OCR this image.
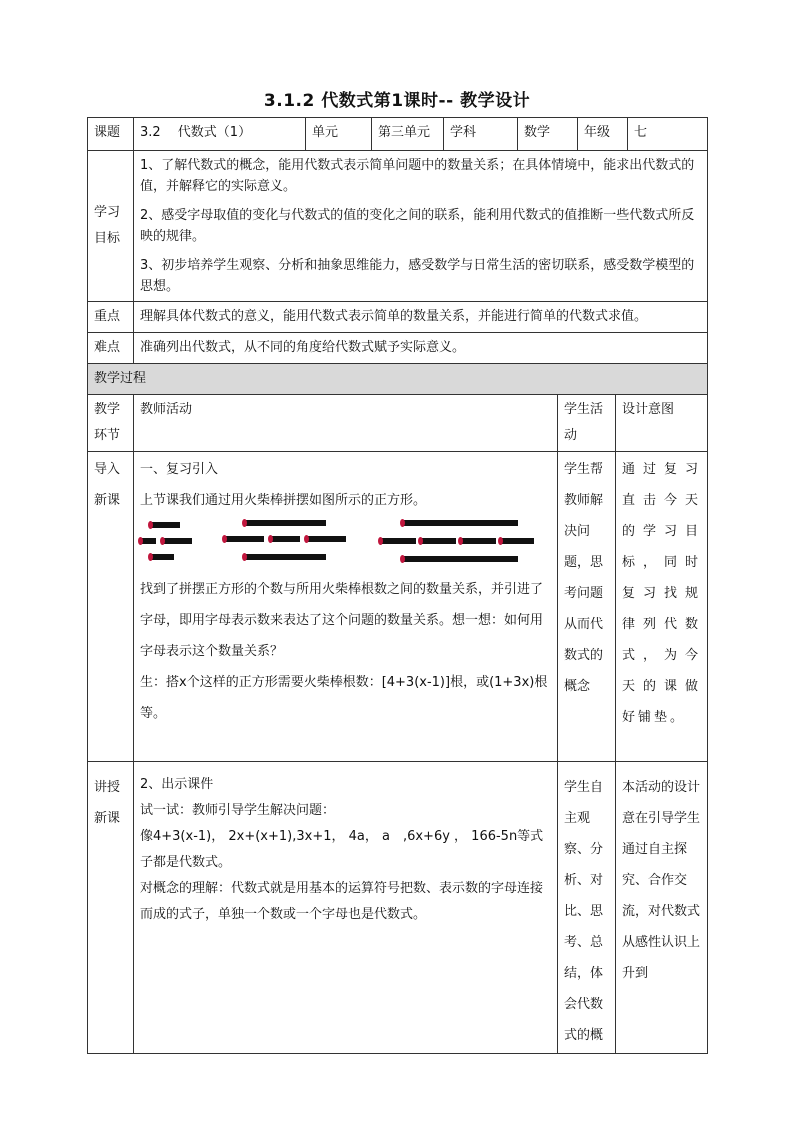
3.1.2 代数式第1课时-- 教学设计
课题	3.2　 代数式（1）	单元	第三单元	学科	数学		年级		七
学习目标	1、了解代数式的概念，能用代数式表示简单问题中的数量关系；在具体情境中，能求出代数式的值，并解释它的实际意义。

2、感受字母取值的变化与代数式的值的变化之间的联系，能利用代数式的值推断一些代数式所反映的规律。

3、初步培养学生观察、分析和抽象思维能力，感受数学与日常生活的密切联系，感受数学模型的思想。								

重点	理解具体代数式的意义，能用代数式表示简单的数量关系，并能进行简单的代数式求值。								
难点	准确列出代数式，从不同的角度给代数式赋予实际意义。								
教学过程									
教学环节	教师活动					学生活动		设计意图	
导入新课	一、复习引入
上节课我们通过用火柴棒拼摆如图所示的正方形。
找到了拼摆正方形的个数与所用火柴棒根数之间的数量关系，并引进了字母，即用字母表示数来表达了这个问题的数量关系。想一想：如何用字母表示这个数量关系？
生：搭x个这样的正方形需要火柴棒根数：[4+3(x-1)]根，或(1+3x)根等。					学生帮教师解决问题，思考问题从而代数式的概念		通过复习直击今天的学习目标，同时复习找规律列代数式，为今天的课做好铺垫。	
讲授新课	2、出示课件
试一试：教师引导学生解决问题：
像4+3(x-1)， 2x+(x+1),3x+1， 4a， a　,6x+6y ， 166-5n等式子都是代数式。
对概念的理解：代数式就是用基本的运算符号把数、表示数的字母连接而成的式子，单独一个数或一个字母也是代数式。					学生自主观察、分析、对比、思考、总结，体会代数式的概		本活动的设计意在引导学生通过自主探究、合作交流，对代数式从感性认识上升到	
